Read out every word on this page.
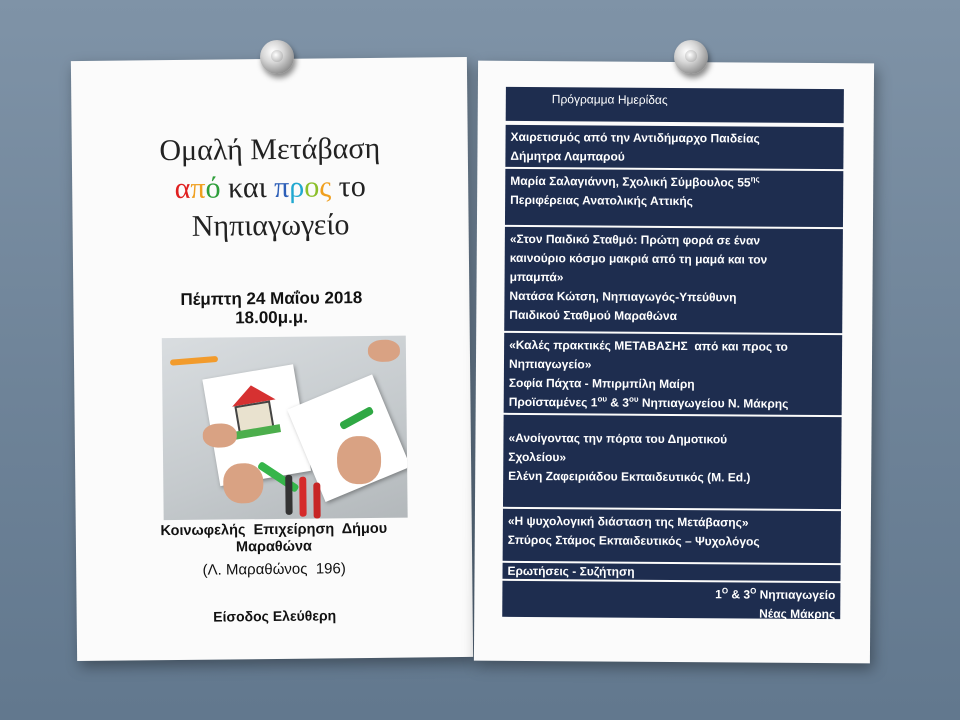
Ομαλή Μετάβαση
από και προς το
Νηπιαγωγείο
Πέμπτη 24 Μαΐου 2018
18.00μ.μ.
Κοινωφελής  Επιχείρηση  Δήμου
Μαραθώνα
(Λ. Μαραθώνος  196)
Είσοδος Ελεύθερη
Πρόγραμμα Ημερίδας
Χαιρετισμός από την Αντιδήμαρχο Παιδείας
Δήμητρα Λαμπαρού
Μαρία Σαλαγιάννη, Σχολική Σύμβουλος $55^{\eta\varsigma}$
Περιφέρειας Ανατολικής Αττικής
«Στον Παιδικό Σταθμό: Πρώτη φορά σε έναν
καινούριο κόσμο μακριά από τη μαμά και τον
μπαμπά»
Νατάσα Κώτση, Νηπιαγωγός-Υπεύθυνη
Παιδικού Σταθμού Μαραθώνα
«Καλές πρακτικές ΜΕΤΑΒΑΣΗΣ  από και προς το
Νηπιαγωγείο»
Σοφία Πάχτα - Μπιρμπίλη Μαίρη
Προϊσταμένες $1^{o\upsilon}$ & $3^{o\upsilon}$ Νηπιαγωγείου Ν. Μάκρης
«Ανοίγοντας την πόρτα του Δημοτικού
Σχολείου»
Ελένη Ζαφειριάδου Εκπαιδευτικός (Μ. Ed.)
«Η ψυχολογική διάσταση της Μετάβασης»
Σπύρος Στάμος Εκπαιδευτικός – Ψυχολόγος
Ερωτήσεις - Συζήτηση
$1^O$ & $3^O$ Νηπιαγωγείο
Νέας Μάκρης
